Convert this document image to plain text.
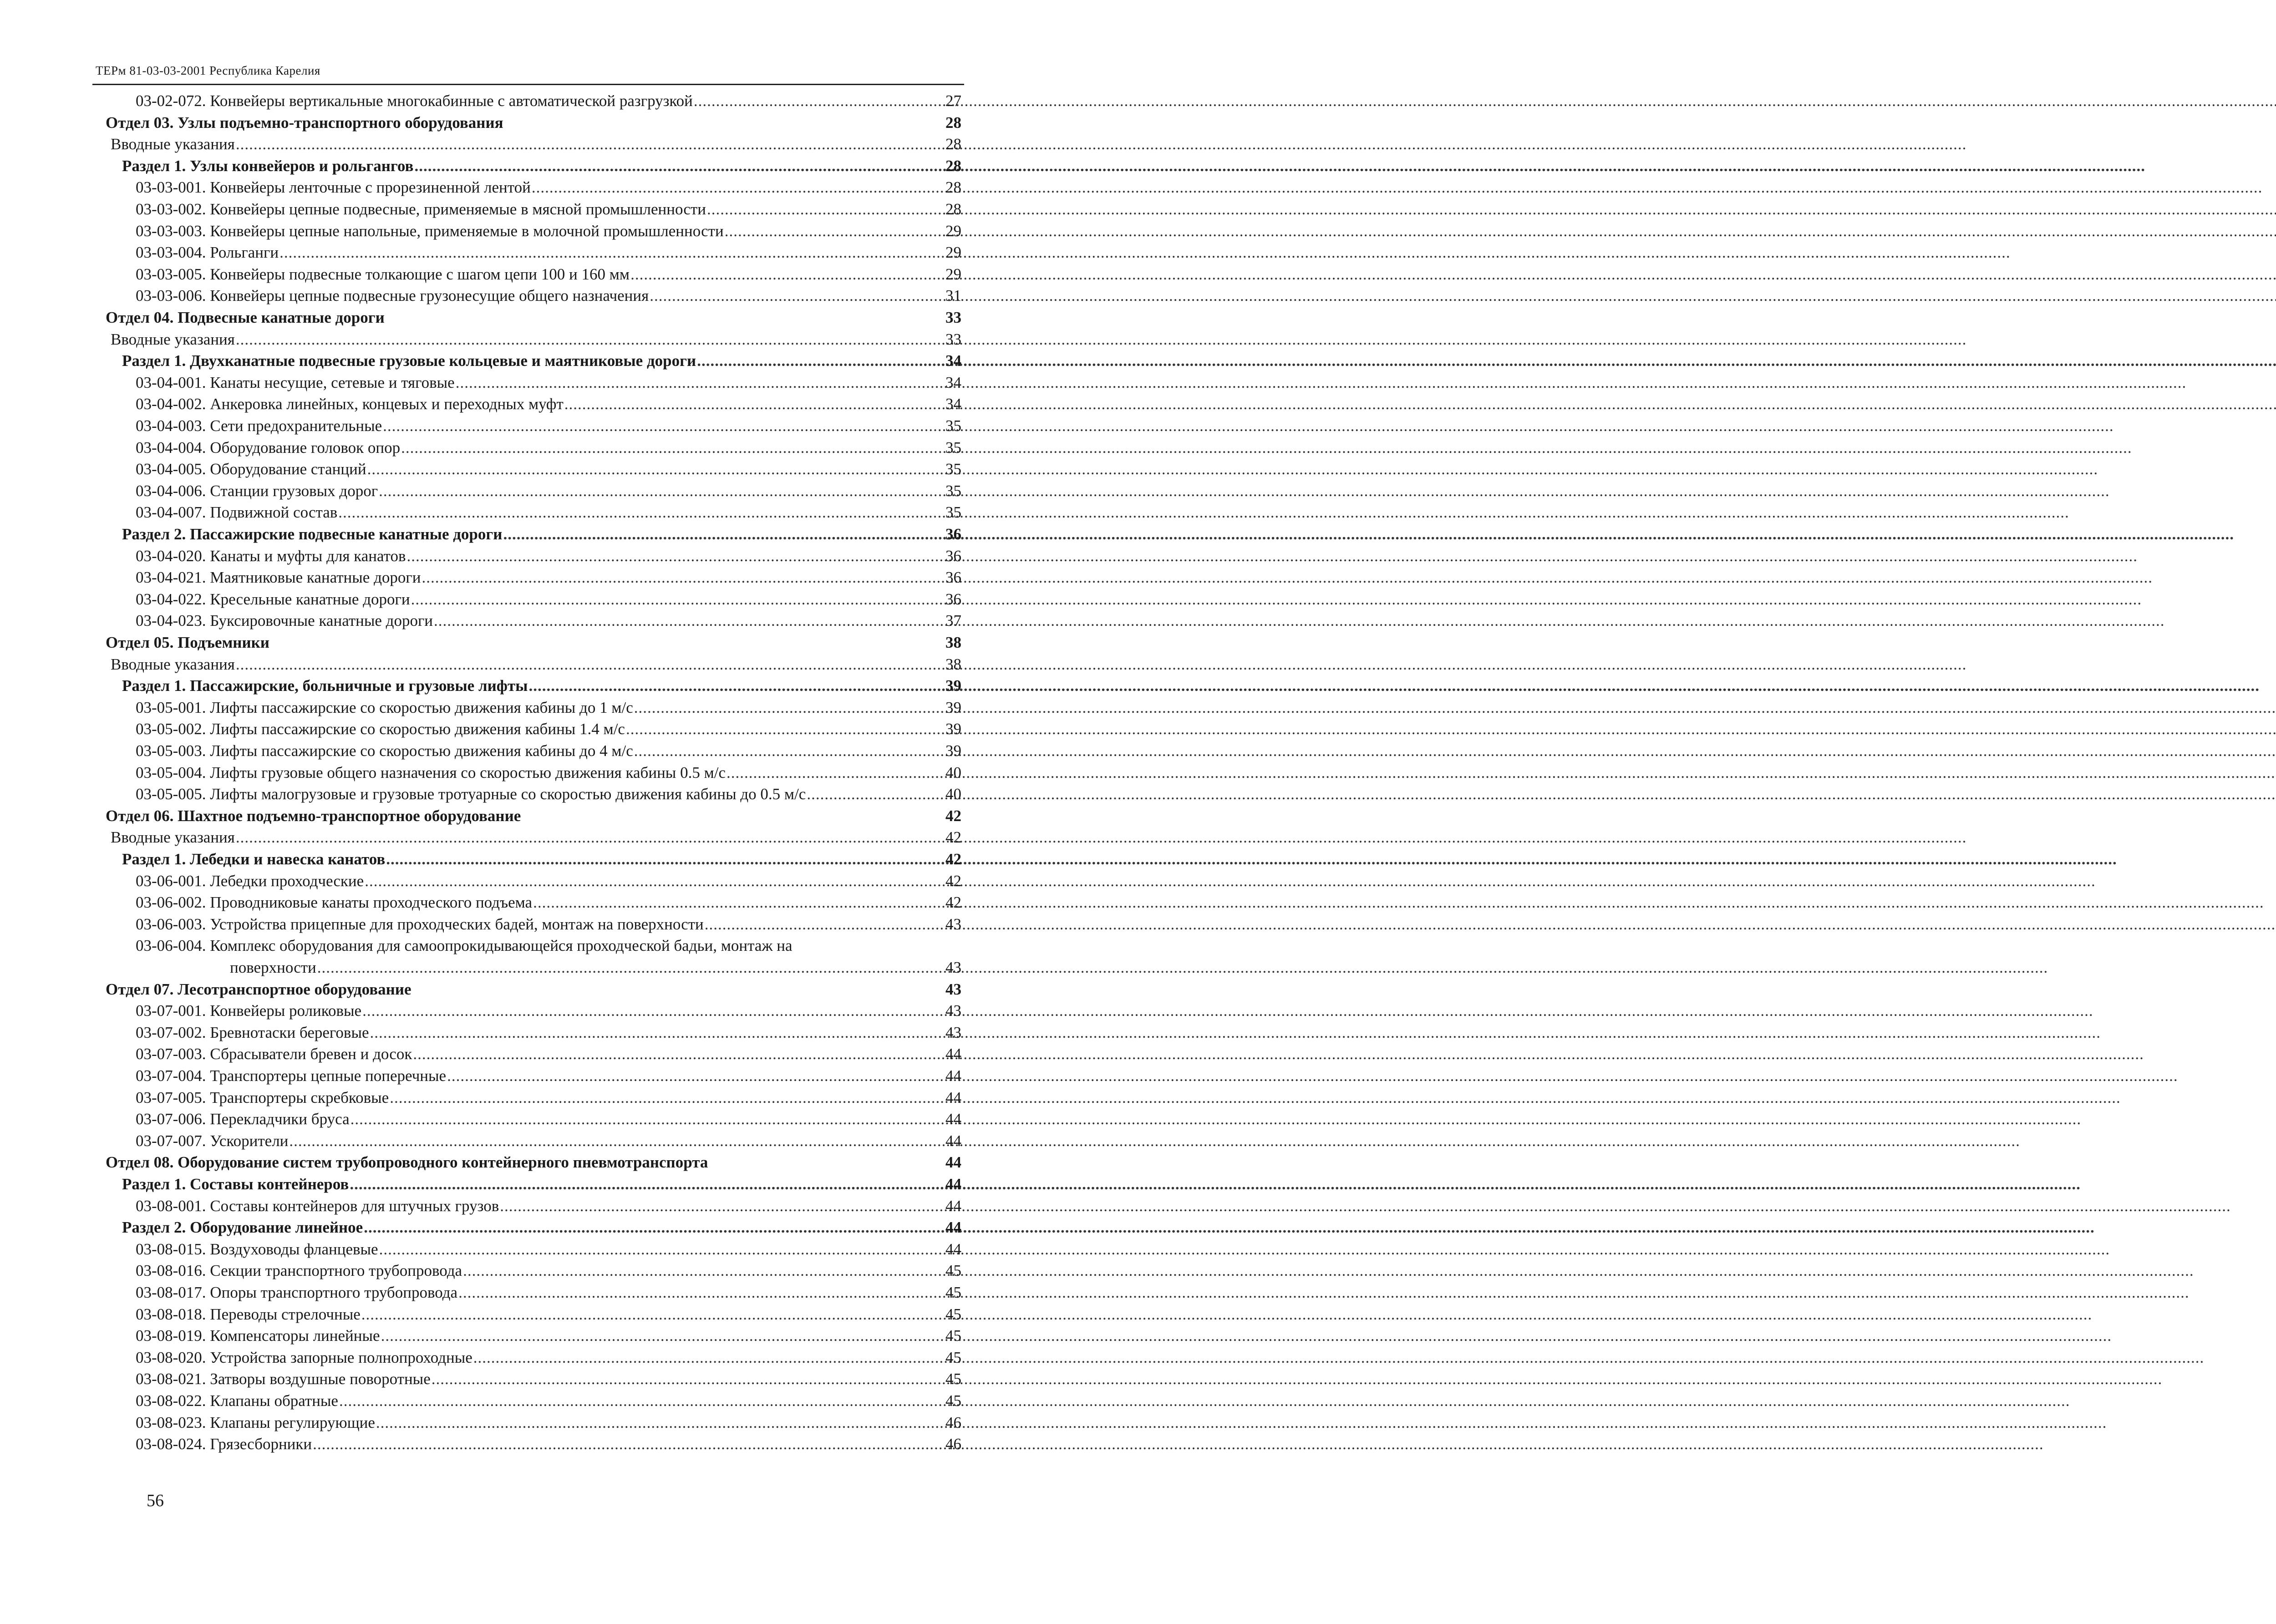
ТЕРм 81-03-03-2001 Республика Карелия
03-02-072. Конвейеры вертикальные многокабинные с автоматической разгрузкой .....	27
Отдел 03. Узлы подъемно-транспортного оборудования	28
Вводные указания .....	28
Раздел 1. Узлы конвейеров и рольгангов .....	28
03-03-001. Конвейеры ленточные с прорезиненной лентой .....	28
03-03-002. Конвейеры цепные подвесные, применяемые в мясной промышленности .....	28
03-03-003. Конвейеры цепные напольные, применяемые в молочной промышленности .....	29
03-03-004. Рольганги .....	29
03-03-005. Конвейеры подвесные толкающие с шагом цепи 100 и 160 мм .....	29
03-03-006. Конвейеры цепные подвесные грузонесущие общего назначения .....	31
Отдел 04. Подвесные канатные дороги	33
Вводные указания .....	33
Раздел 1. Двухканатные подвесные грузовые кольцевые и маятниковые дороги .....	34
03-04-001. Канаты несущие, сетевые и тяговые .....	34
03-04-002. Анкеровка линейных, концевых и переходных муфт .....	34
03-04-003. Сети предохранительные .....	35
03-04-004. Оборудование головок опор .....	35
03-04-005. Оборудование станций .....	35
03-04-006. Станции грузовых дорог .....	35
03-04-007. Подвижной состав .....	35
Раздел 2. Пассажирские подвесные канатные дороги .....	36
03-04-020. Канаты и муфты для канатов .....	36
03-04-021. Маятниковые канатные дороги .....	36
03-04-022. Кресельные канатные дороги .....	36
03-04-023. Буксировочные канатные дороги .....	37
Отдел 05. Подъемники	38
Вводные указания .....	38
Раздел 1. Пассажирские, больничные и грузовые лифты .....	39
03-05-001. Лифты пассажирские со скоростью движения кабины до 1 м/с .....	39
03-05-002. Лифты пассажирские со скоростью движения кабины 1.4 м/с .....	39
03-05-003. Лифты пассажирские со скоростью движения кабины до 4 м/с .....	39
03-05-004. Лифты грузовые общего назначения со скоростью движения кабины 0.5 м/с .....	40
03-05-005. Лифты малогрузовые и грузовые тротуарные со скоростью движения кабины до 0.5 м/с .....	40
Отдел 06. Шахтное подъемно-транспортное оборудование	42
Вводные указания .....	42
Раздел 1. Лебедки и навеска канатов .....	42
03-06-001. Лебедки проходческие .....	42
03-06-002. Проводниковые канаты проходческого подъема .....	42
03-06-003. Устройства прицепные для проходческих бадей, монтаж на поверхности .....	43
03-06-004. Комплекс оборудования для самоопрокидывающейся проходческой бадьи, монтаж на
поверхности .....	43
Отдел 07. Лесотранспортное оборудование	43
03-07-001. Конвейеры роликовые .....	43
03-07-002. Бревнотаски береговые .....	43
03-07-003. Сбрасыватели бревен и досок .....	44
03-07-004. Транспортеры цепные поперечные .....	44
03-07-005. Транспортеры скребковые .....	44
03-07-006. Перекладчики бруса .....	44
03-07-007. Ускорители .....	44
Отдел 08. Оборудование систем трубопроводного контейнерного пневмотранспорта	44
Раздел 1. Составы контейнеров .....	44
03-08-001. Составы контейнеров для штучных грузов .....	44
Раздел 2. Оборудование линейное .....	44
03-08-015. Воздуховоды фланцевые .....	44
03-08-016. Секции транспортного трубопровода .....	45
03-08-017. Опоры транспортного трубопровода .....	45
03-08-018. Переводы стрелочные .....	45
03-08-019. Компенсаторы линейные .....	45
03-08-020. Устройства запорные полнопроходные .....	45
03-08-021. Затворы воздушные поворотные .....	45
03-08-022. Клапаны обратные .....	45
03-08-023. Клапаны регулирующие .....	46
03-08-024. Грязесборники .....	46
56
